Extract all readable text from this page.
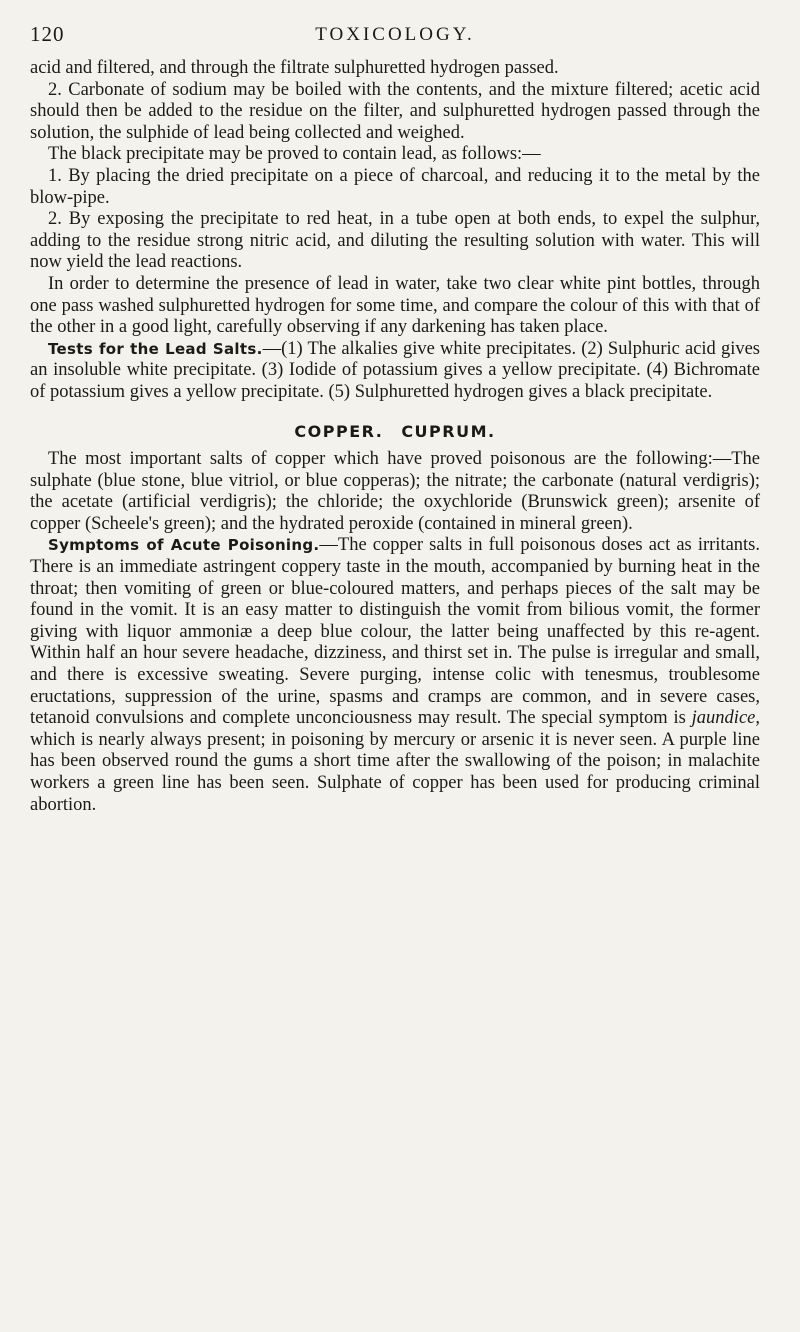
120	TOXICOLOGY.

acid and filtered, and through the filtrate sulphuretted hydrogen passed.

2. Carbonate of sodium may be boiled with the contents, and the mixture filtered; acetic acid should then be added to the residue on the filter, and sulphuretted hydrogen passed through the solution, the sulphide of lead being collected and weighed.

The black precipitate may be proved to contain lead, as follows:—

1. By placing the dried precipitate on a piece of charcoal, and reducing it to the metal by the blow-pipe.

2. By exposing the precipitate to red heat, in a tube open at both ends, to expel the sulphur, adding to the residue strong nitric acid, and diluting the resulting solution with water. This will now yield the lead reactions.

In order to determine the presence of lead in water, take two clear white pint bottles, through one pass washed sulphuretted hydrogen for some time, and compare the colour of this with that of the other in a good light, carefully observing if any darkening has taken place.

Tests for the Lead Salts.—(1) The alkalies give white precipitates. (2) Sulphuric acid gives an insoluble white precipitate. (3) Iodide of potassium gives a yellow precipitate. (4) Bichromate of potassium gives a yellow precipitate. (5) Sulphuretted hydrogen gives a black precipitate.

COPPER. CUPRUM.

The most important salts of copper which have proved poisonous are the following:—The sulphate (blue stone, blue vitriol, or blue copperas); the nitrate; the carbonate (natural verdigris); the acetate (artificial verdigris); the chloride; the oxychloride (Brunswick green); arsenite of copper (Scheele's green); and the hydrated peroxide (contained in mineral green).

Symptoms of Acute Poisoning.—The copper salts in full poisonous doses act as irritants. There is an immediate astringent coppery taste in the mouth, accompanied by burning heat in the throat; then vomiting of green or blue-coloured matters, and perhaps pieces of the salt may be found in the vomit. It is an easy matter to distinguish the vomit from bilious vomit, the former giving with liquor ammoniæ a deep blue colour, the latter being unaffected by this re-agent. Within half an hour severe headache, dizziness, and thirst set in. The pulse is irregular and small, and there is excessive sweating. Severe purging, intense colic with tenesmus, troublesome eructations, suppression of the urine, spasms and cramps are common, and in severe cases, tetanoid convulsions and complete unconciousness may result. The special symptom is jaundice, which is nearly always present; in poisoning by mercury or arsenic it is never seen. A purple line has been observed round the gums a short time after the swallowing of the poison; in malachite workers a green line has been seen. Sulphate of copper has been used for producing criminal abortion.
